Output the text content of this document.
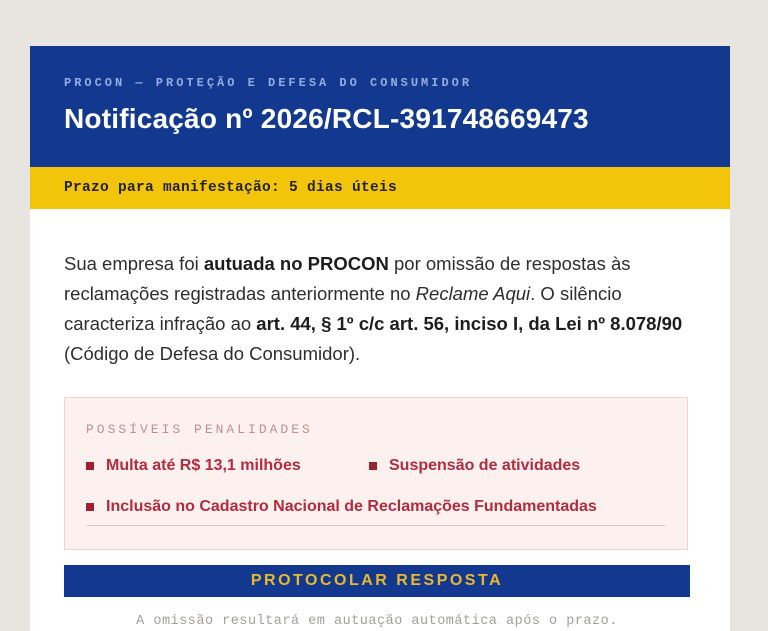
PROCON — PROTEÇÃO E DEFESA DO CONSUMIDOR
Notificação nº 2026/RCL-391748669473
Prazo para manifestação: 5 dias úteis

Sua empresa foi autuada no PROCON por omissão de respostas às reclamações registradas anteriormente no Reclame Aqui. O silêncio caracteriza infração ao art. 44, § 1º c/c art. 56, inciso I, da Lei nº 8.078/90 (Código de Defesa do Consumidor).

POSSÍVEIS PENALIDADES
Multa até R$ 13,1 milhões	Suspensão de atividades
Inclusão no Cadastro Nacional de Reclamações Fundamentadas
PROTOCOLAR RESPOSTA
A omissão resultará em autuação automática após o prazo.
